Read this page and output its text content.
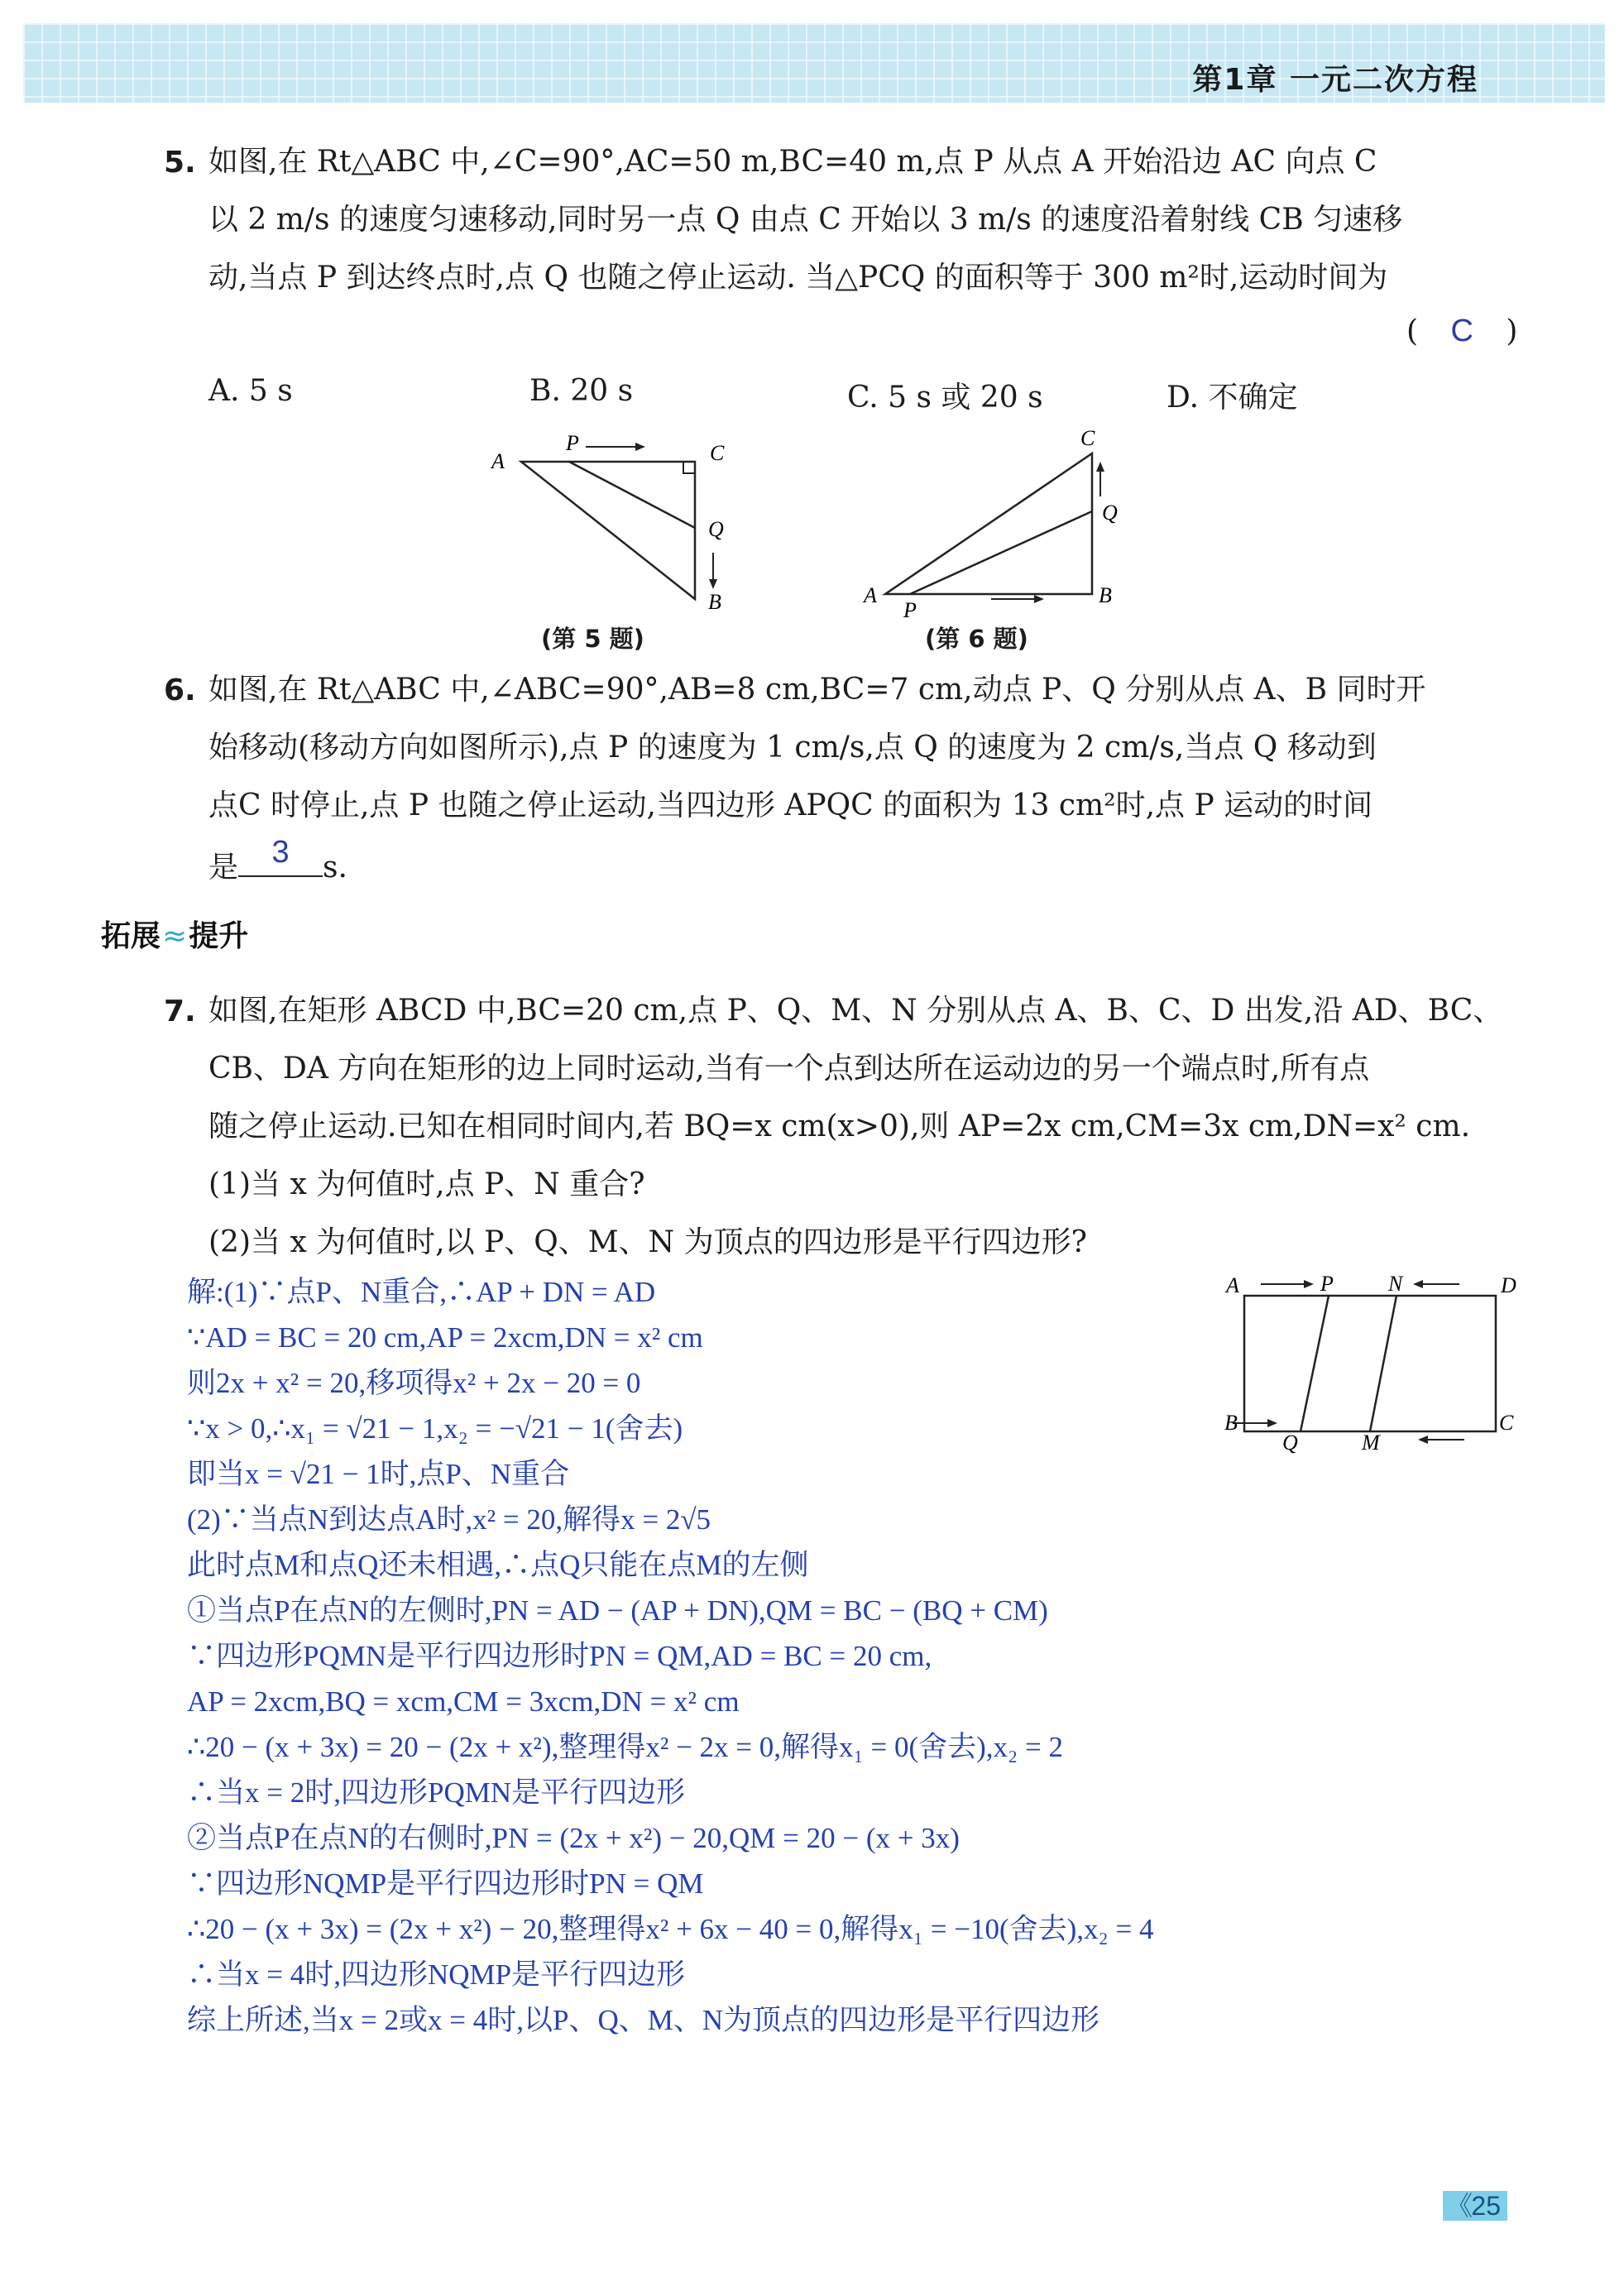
第1章 一元二次方程
5. 如图,在 Rt△ABC 中,∠C=90°,AC=50 m,BC=40 m,点 P 从点 A 开始沿边 AC 向点 C
以 2 m/s 的速度匀速移动,同时另一点 Q 由点 C 开始以 3 m/s 的速度沿着射线 CB 匀速移
动,当点 P 到达终点时,点 Q 也随之停止运动. 当△PCQ 的面积等于 300 m²时,运动时间为
( C )
A. 5 s	B. 20 s	C. 5 s 或 20 s	D. 不确定
A
P	C
Q
B
(第 5 题)
A
P
B
C
Q
(第 6 题)
6. 如图,在 Rt△ABC 中,∠ABC=90°,AB=8 cm,BC=7 cm,动点 P、Q 分别从点 A、B 同时开
始移动(移动方向如图所示),点 P 的速度为 1 cm/s,点 Q 的速度为 2 cm/s,当点 Q 移动到
点C 时停止,点 P 也随之停止运动,当四边形 APQC 的面积为 13 cm²时,点 P 运动的时间
是	3	s.
拓展≈提升
7. 如图,在矩形 ABCD 中,BC=20 cm,点 P、Q、M、N 分别从点 A、B、C、D 出发,沿 AD、BC、
CB、DA 方向在矩形的边上同时运动,当有一个点到达所在运动边的另一个端点时,所有点
随之停止运动.已知在相同时间内,若 BQ=x cm(x>0),则 AP=2x cm,CM=3x cm,DN=x² cm.
(1)当 x 为何值时,点 P、N 重合?
(2)当 x 为何值时,以 P、Q、M、N 为顶点的四边形是平行四边形?
A	P	N	D
B
Q	M
C
解:(1)∵点P、N重合,∴AP + DN = AD
∵AD = BC = 20 cm,AP = 2xcm,DN = x² cm
则2x + x² = 20,移项得x² + 2x − 20 = 0
∵x > 0,∴x₁ = √21 − 1,x₂ = −√21 − 1(舍去)
即当x = √21 − 1时,点P、N重合
(2)∵当点N到达点A时,x² = 20,解得x = 2√5
此时点M和点Q还未相遇,∴点Q只能在点M的左侧
①当点P在点N的左侧时,PN = AD − (AP + DN),QM = BC − (BQ + CM)
∵四边形PQMN是平行四边形时PN = QM,AD = BC = 20 cm,
AP = 2xcm,BQ = xcm,CM = 3xcm,DN = x² cm
∴20 − (x + 3x) = 20 − (2x + x²),整理得x² − 2x = 0,解得x₁ = 0(舍去),x₂ = 2
∴当x = 2时,四边形PQMN是平行四边形
②当点P在点N的右侧时,PN = (2x + x²) − 20,QM = 20 − (x + 3x)
∵四边形NQMP是平行四边形时PN = QM
∴20 − (x + 3x) = (2x + x²) − 20,整理得x² + 6x − 40 = 0,解得x₁ = −10(舍去),x₂ = 4
∴当x = 4时,四边形NQMP是平行四边形
综上所述,当x = 2或x = 4时,以P、Q、M、N为顶点的四边形是平行四边形
《
25
